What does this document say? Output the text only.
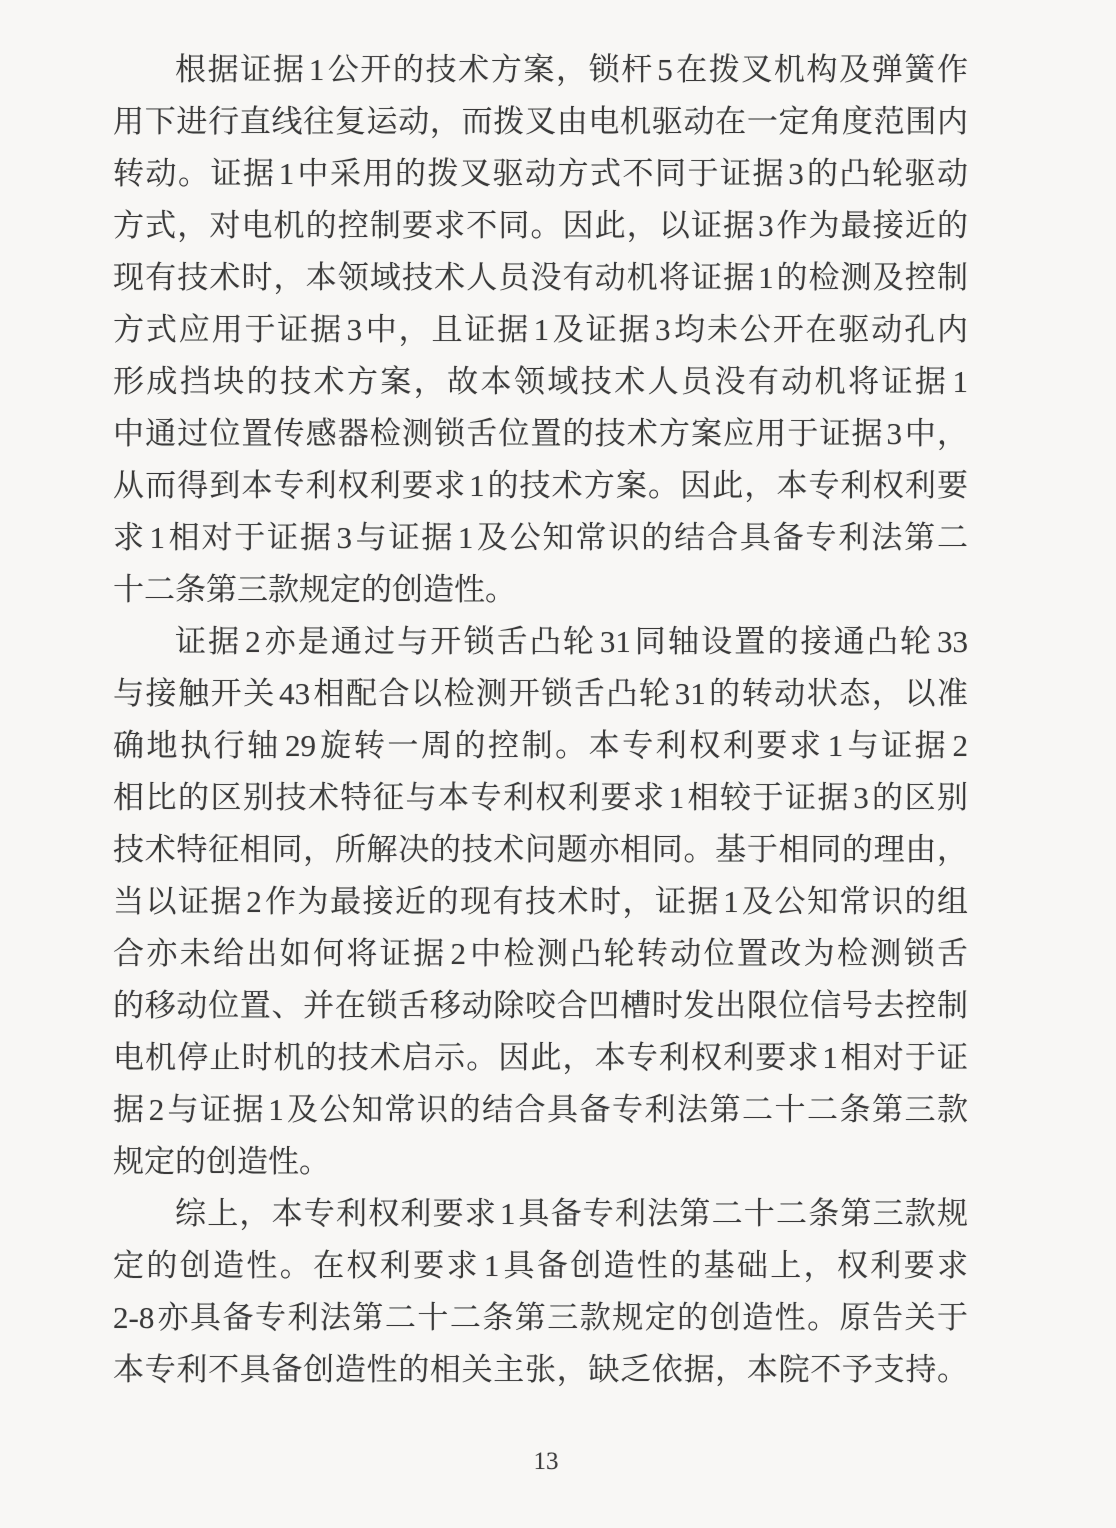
根据证据 1 公开的技术方案，锁杆 5 在拨叉机构及弹簧作
用下进行直线往复运动，而拨叉由电机驱动在一定角度范围内
转动。证据 1 中采用的拨叉驱动方式不同于证据 3 的凸轮驱动
方式，对电机的控制要求不同。因此，以证据 3 作为最接近的
现有技术时，本领域技术人员没有动机将证据 1 的检测及控制
方式应用于证据 3 中，且证据 1 及证据 3 均未公开在驱动孔内
形成挡块的技术方案，故本领域技术人员没有动机将证据 1
中通过位置传感器检测锁舌位置的技术方案应用于证据 3 中，
从而得到本专利权利要求 1 的技术方案。因此，本专利权利要
求 1 相对于证据 3 与证据 1 及公知常识的结合具备专利法第二
十二条第三款规定的创造性。
证据 2 亦是通过与开锁舌凸轮 31 同轴设置的接通凸轮 33
与接触开关 43 相配合以检测开锁舌凸轮 31 的转动状态，以准
确地执行轴 29 旋转一周的控制。本专利权利要求 1 与证据 2
相比的区别技术特征与本专利权利要求 1 相较于证据 3 的区别
技术特征相同，所解决的技术问题亦相同。基于相同的理由，
当以证据 2 作为最接近的现有技术时，证据 1 及公知常识的组
合亦未给出如何将证据 2 中检测凸轮转动位置改为检测锁舌
的移动位置、并在锁舌移动除咬合凹槽时发出限位信号去控制
电机停止时机的技术启示。因此，本专利权利要求 1 相对于证
据 2 与证据 1 及公知常识的结合具备专利法第二十二条第三款
规定的创造性。
综上，本专利权利要求 1 具备专利法第二十二条第三款规
定的创造性。在权利要求 1 具备创造性的基础上，权利要求
2-8 亦具备专利法第二十二条第三款规定的创造性。原告关于
本专利不具备创造性的相关主张，缺乏依据，本院不予支持。
13
